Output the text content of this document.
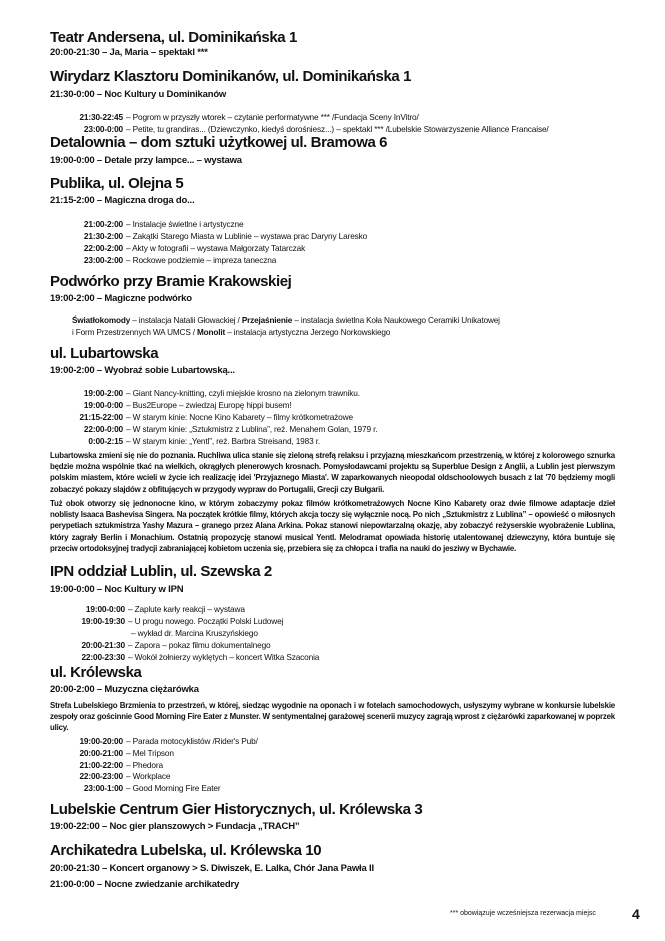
Teatr Andersena, ul. Dominikańska 1
20:00-21:30 – Ja, Maria – spektakl ***
Wirydarz Klasztoru Dominikanów, ul. Dominikańska 1
21:30-0:00 – Noc Kultury u Dominikanów
21:30-22:45 – Pogrom w przyszły wtorek – czytanie performatywne *** /Fundacja Sceny InVitro/
23:00-0:00 – Petite, tu grandiras... (Dziewczynko, kiedyś dorośniesz...) – spektakl *** /Lubelskie Stowarzyszenie Alliance Francaise/
Detalownia – dom sztuki użytkowej ul. Bramowa 6
19:00-0:00 – Detale przy lampce... – wystawa
Publika, ul. Olejna 5
21:15-2:00 – Magiczna droga do...
21:00-2:00 – Instalacje świetlne i artystyczne
21:30-2:00 – Zakątki Starego Miasta w Lublinie – wystawa prac Daryny Laresko
22:00-2:00 – Akty w fotografii – wystawa Małgorzaty Tatarczak
23:00-2:00 – Rockowe podziemie – impreza taneczna
Podwórko przy Bramie Krakowskiej
19:00-2:00 – Magiczne podwórko
Światłokomody – instalacja Natalii Głowackiej / Przejaśnienie – instalacja świetlna Koła Naukowego Ceramiki Unikatowej
i Form Przestrzennych WA UMCS / Monolit – instalacja artystyczna Jerzego Norkowskiego
ul. Lubartowska
19:00-2:00 – Wyobraź sobie Lubartowską...
19:00-2:00 – Giant Nancy-knitting, czyli miejskie krosno na zielonym trawniku.
19:00-0:00 – Bus2Europe – zwiedzaj Europę hippi busem!
21:15-22:00 – W starym kinie: Nocne Kino Kabarety – filmy krótkometrażowe
22:00-0:00 – W starym kinie: „Sztukmistrz z Lublina”, reż. Menahem Golan, 1979 r.
0:00-2:15 – W starym kinie: „Yentl”, reż. Barbra Streisand, 1983 r.
Lubartowska zmieni się nie do poznania. Ruchliwa ulica stanie się zieloną strefą relaksu i przyjazną mieszkańcom przestrzenią, w której z kolorowego sznurka będzie można wspólnie tkać na wielkich, okrągłych plenerowych krosnach. Pomysłodawcami projektu są Superblue Design z Anglii, a Lublin jest pierwszym polskim miastem, które wcieli w życie ich realizację idei 'Przyjaznego Miasta'. W zaparkowanych nieopodal oldschoolowych busach z lat '70 będziemy mogli zobaczyć pokazy slajdów z obfitujących w przygody wypraw do Portugalii, Grecji czy Bułgarii.
Tuż obok otworzy się jednonocne kino, w którym zobaczymy pokaz filmów krótkometrażowych Nocne Kino Kabarety oraz dwie filmowe adaptacje dzieł noblisty Isaaca Bashevisa Singera. Na początek krótkie filmy, których akcja toczy się wyłącznie nocą. Po nich „Sztukmistrz z Lublina” – opowieść o miłosnych perypetiach sztukmistrza Yashy Mazura – granego przez Alana Arkina. Pokaz stanowi niepowtarzalną okazję, aby zobaczyć reżyserskie wyobrażenie Lublina, który zagrały Berlin i Monachium. Ostatnią propozycję stanowi musical Yentl. Melodramat opowiada historię utalentowanej dziewczyny, która buntuje się przeciw ortodoksyjnej tradycji zabraniającej kobietom uczenia się, przebiera się za chłopca i trafia na nauki do jesziwy w Bychawie.
IPN oddział Lublin, ul. Szewska 2
19:00-0:00 – Noc Kultury w IPN
19:00-0:00 – Zaplute karły reakcji – wystawa
19:00-19:30 – U progu nowego. Początki Polski Ludowej
– wykład dr. Marcina Kruszyńskiego
20:00-21:30 – Zapora – pokaz filmu dokumentalnego
22:00-23:30 – Wokół żołnierzy wyklętych – koncert Witka Szaconia
ul. Królewska
20:00-2:00 – Muzyczna ciężarówka
Strefa Lubelskiego Brzmienia to przestrzeń, w której, siedząc wygodnie na oponach i w fotelach samochodowych, usłyszymy wybrane w konkursie lubelskie zespoły oraz gościnnie Good Morning Fire Eater z Munster. W sentymentalnej garażowej scenerii muzycy zagrają wprost z ciężarówki zaparkowanej w poprzek ulicy.
19:00-20:00 – Parada motocyklistów /Rider's Pub/
20:00-21:00 – Mel Tripson
21:00-22:00 – Phedora
22:00-23:00 – Workplace
23:00-1:00 – Good Morning Fire Eater
Lubelskie Centrum Gier Historycznych, ul. Królewska 3
19:00-22:00 – Noc gier planszowych > Fundacja „TRACH”
Archikatedra Lubelska, ul. Królewska 10
20:00-21:30 – Koncert organowy > S. Diwiszek, E. Lalka, Chór Jana Pawła II
21:00-0:00 – Nocne zwiedzanie archikatedry
*** obowiązuje wcześniejsza rezerwacja miejsc	4
